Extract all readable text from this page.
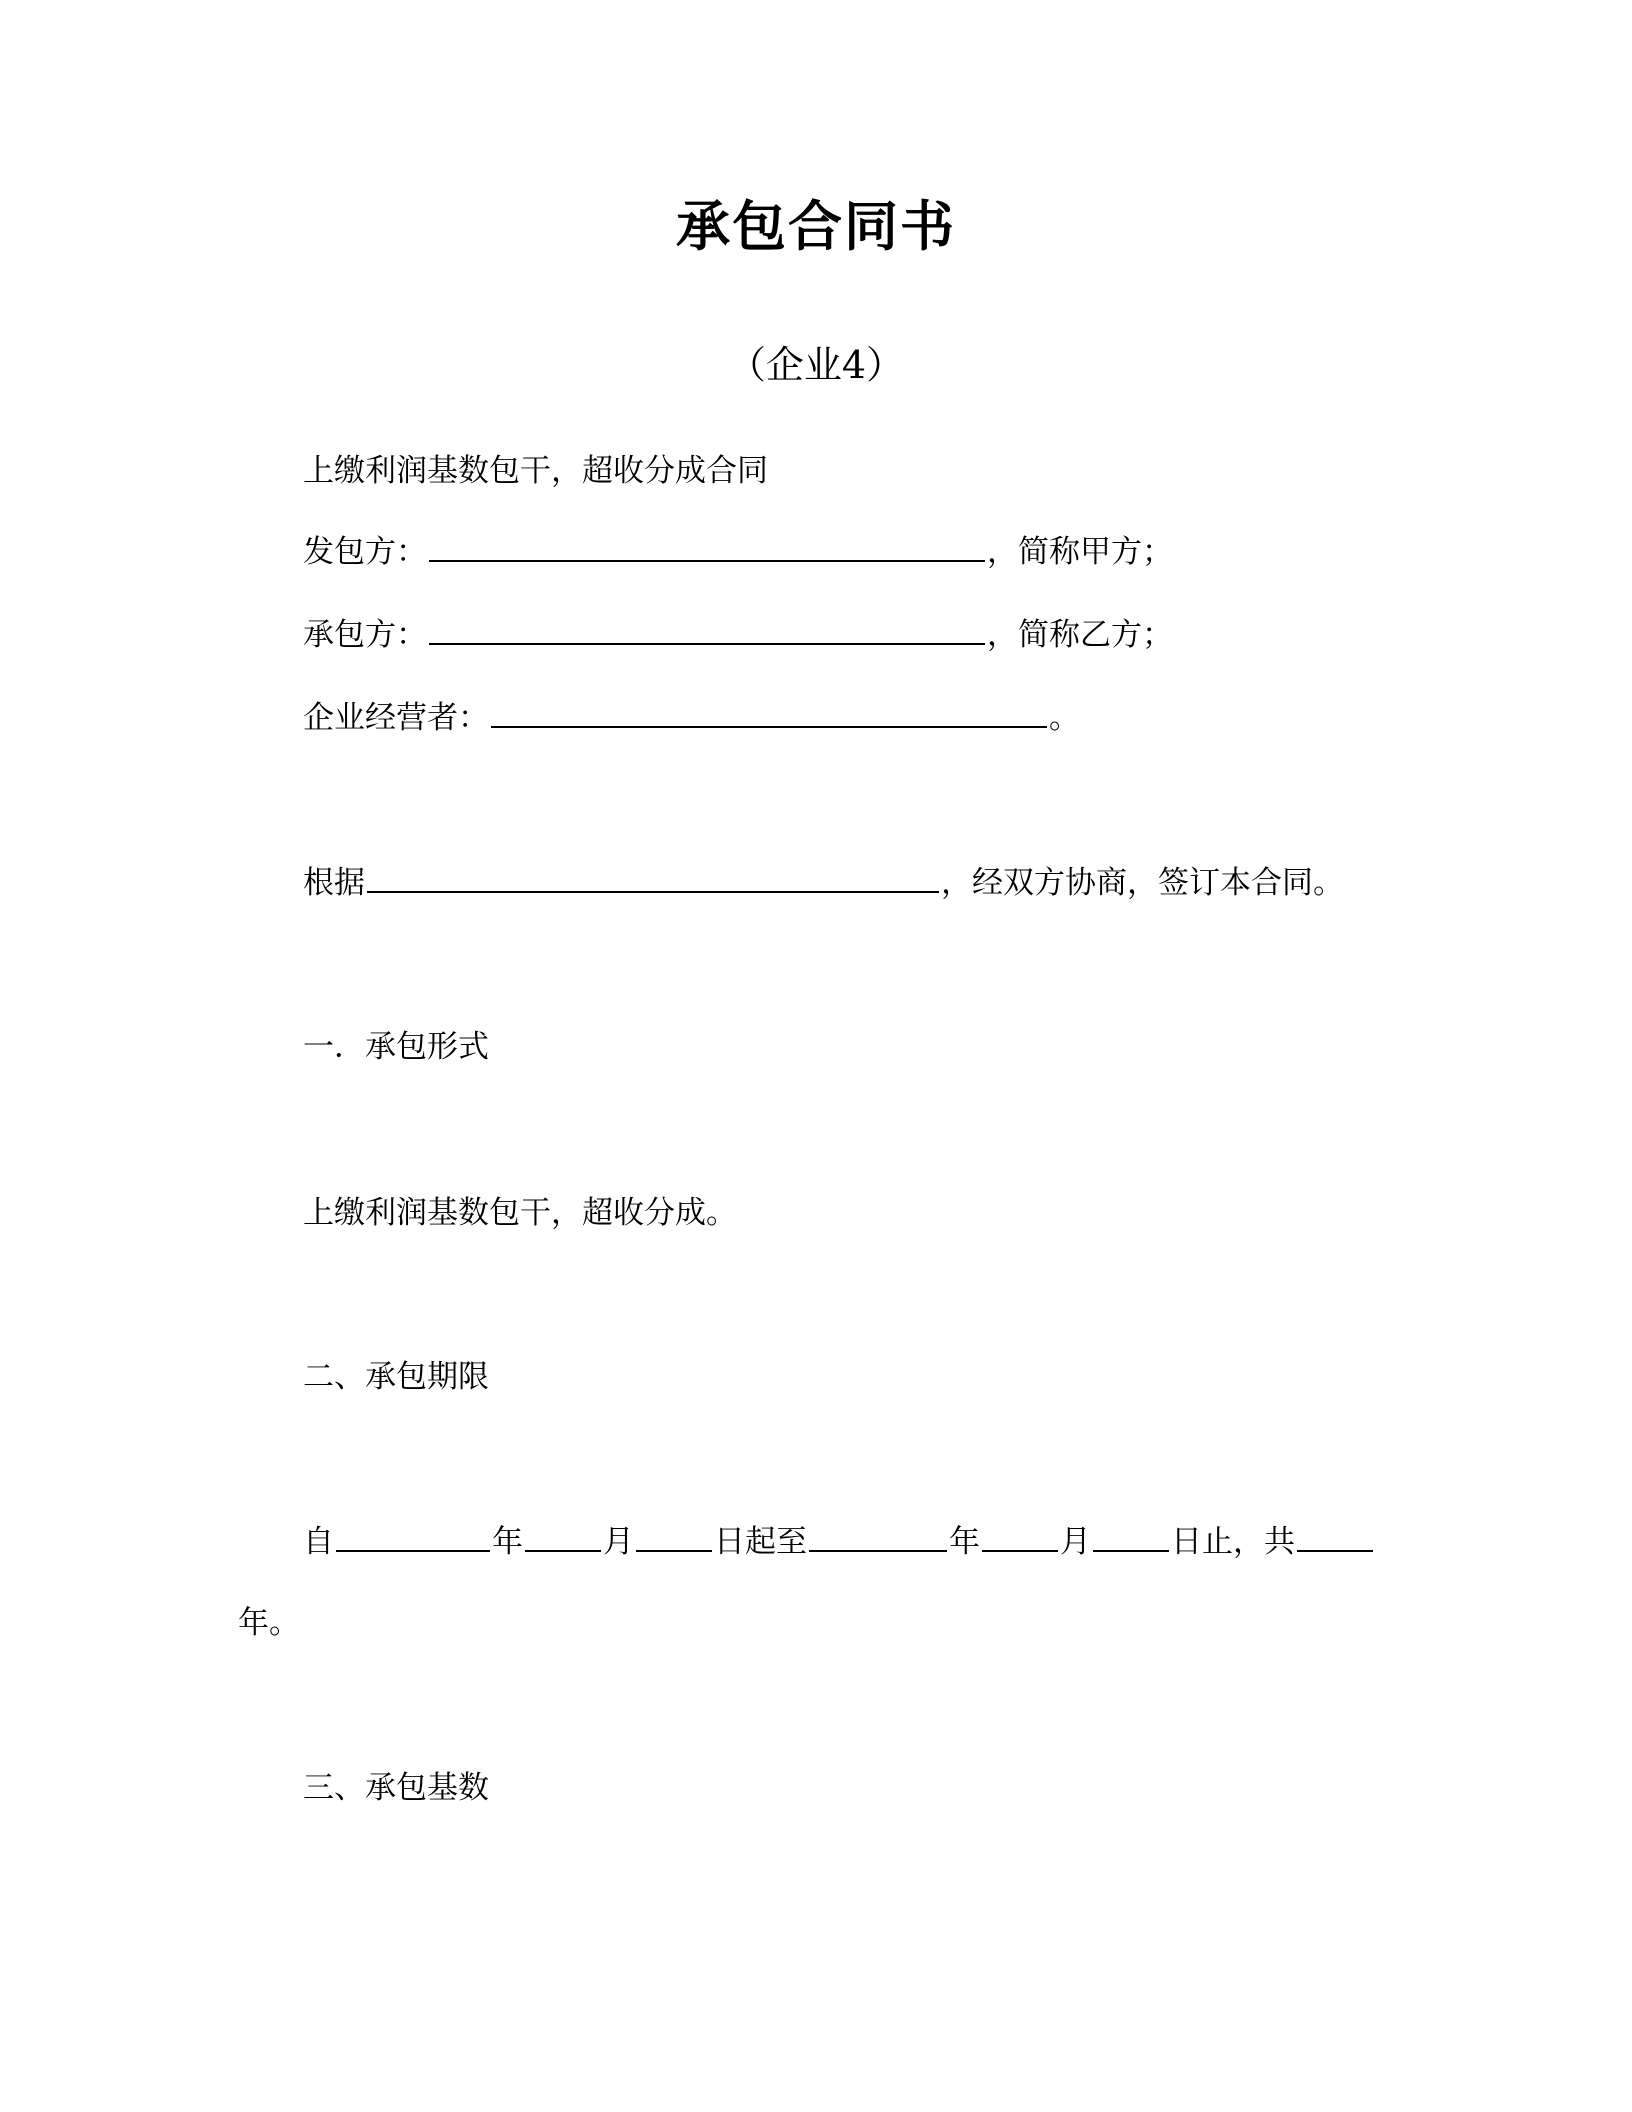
承包合同书
（企业4）
上缴利润基数包干，超收分成合同
发包方：	，简称甲方；
承包方：	，简称乙方；
企业经营者：	。
根据	，经双方协商，签订本合同。
一．承包形式
上缴利润基数包干，超收分成。
二、承包期限
自	年	月	日起至	年	月	日止，共
年。
三、承包基数
